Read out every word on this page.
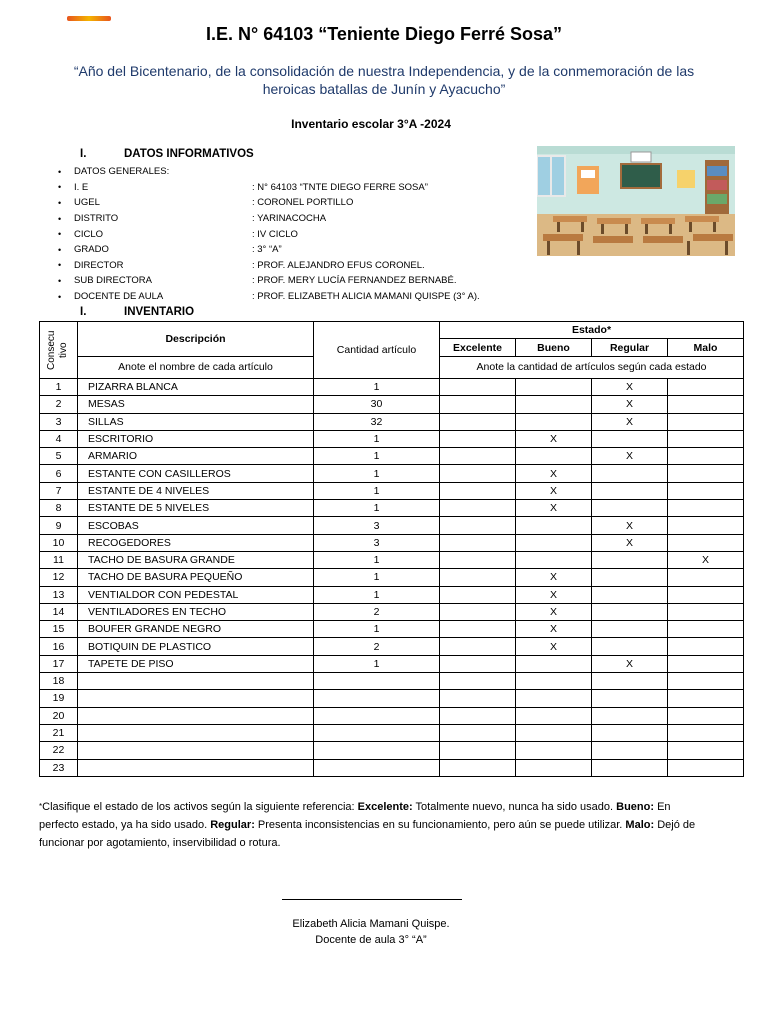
I.E. N° 64103 “Teniente Diego Ferré Sosa”
“Año del Bicentenario, de la consolidación de nuestra Independencia, y de la conmemoración de las heroicas batallas de Junín y Ayacucho”
Inventario escolar 3°A -2024
I.	DATOS INFORMATIVOS
•	DATOS GENERALES:
•	I. E	: N° 64103 “TNTE DIEGO FERRE SOSA”
•	UGEL	: CORONEL PORTILLO
•	DISTRITO	: YARINACOCHA
•	CICLO	: IV CICLO
•	GRADO	: 3° “A”
•	DIRECTOR	: PROF. ALEJANDRO EFUS CORONEL.
•	SUB DIRECTORA	: PROF. MERY LUCÍA FERNANDEZ BERNABÉ.
•	DOCENTE DE AULA	: PROF. ELIZABETH ALICIA MAMANI QUISPE (3° A).
I.	INVENTARIO
Consecu tivo	Descripción	Cantidad artículo	Estado*			
			Excelente	Bueno	Regular	Malo
	Anote el nombre de cada artículo		Anote la cantidad de artículos según cada estado			
1	PIZARRA BLANCA	1			X	
2	MESAS	30			X	
3	SILLAS	32			X	
4	ESCRITORIO	1		X		
5	ARMARIO	1			X	
6	ESTANTE CON CASILLEROS	1		X		
7	ESTANTE DE 4 NIVELES	1		X		
8	ESTANTE DE 5 NIVELES	1		X		
9	ESCOBAS	3			X	
10	RECOGEDORES	3			X	
11	TACHO DE BASURA GRANDE	1				X
12	TACHO DE BASURA PEQUEÑO	1		X		
13	VENTIALDOR CON PEDESTAL	1		X		
14	VENTILADORES EN TECHO	2		X		
15	BOUFER GRANDE NEGRO	1		X		
16	BOTIQUIN DE PLASTICO	2		X		
17	TAPETE DE PISO	1			X	
18						
19						
20						
21						
22						
23						
*Clasifique el estado de los activos según la siguiente referencia: Excelente: Totalmente nuevo, nunca ha sido usado. Bueno: En perfecto estado, ya ha sido usado. Regular: Presenta inconsistencias en su funcionamiento, pero aún se puede utilizar. Malo: Dejó de funcionar por agotamiento, inservibilidad o rotura.
Elizabeth Alicia Mamani Quispe.
Docente de aula 3° “A”
